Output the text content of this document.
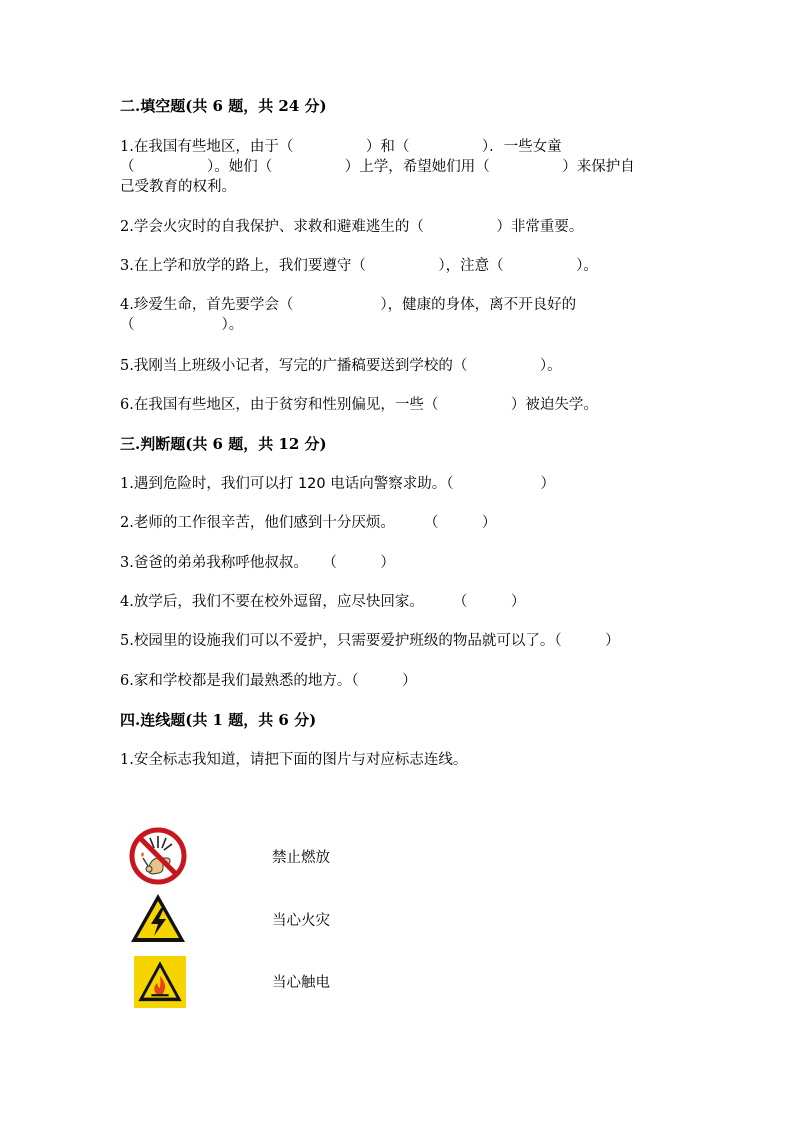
二.填空题(共 6 题，共 24 分)
1.在我国有些地区，由于（　　　　　）和（　　　　　）．一些女童
（　　　　　）。她们（　　　　　）上学，希望她们用（　　　　　）来保护自
己受教育的权利。
2.学会火灾时的自我保护、求救和避难逃生的（　　　　　）非常重要。
3.在上学和放学的路上，我们要遵守（　　　　　），注意（　　　　　）。
4.珍爱生命，首先要学会（　　　　　　），健康的身体，离不开良好的
（　　　　　　）。
5.我刚当上班级小记者，写完的广播稿要送到学校的（　　　　　）。
6.在我国有些地区，由于贫穷和性别偏见，一些（　　　　　）被迫失学。
三.判断题(共 6 题，共 12 分)
1.遇到危险时，我们可以打 120 电话向警察求助。（　　　　　　）
2.老师的工作很辛苦，他们感到十分厌烦。　　　（　　　）
3.爸爸的弟弟我称呼他叔叔。　　（　　　）
4.放学后，我们不要在校外逗留，应尽快回家。　　　（　　　）
5.校园里的设施我们可以不爱护，只需要爱护班级的物品就可以了。（　　　）
6.家和学校都是我们最熟悉的地方。（　　　）
四.连线题(共 1 题，共 6 分)
1.安全标志我知道，请把下面的图片与对应标志连线。
禁止燃放
当心火灾
当心触电
